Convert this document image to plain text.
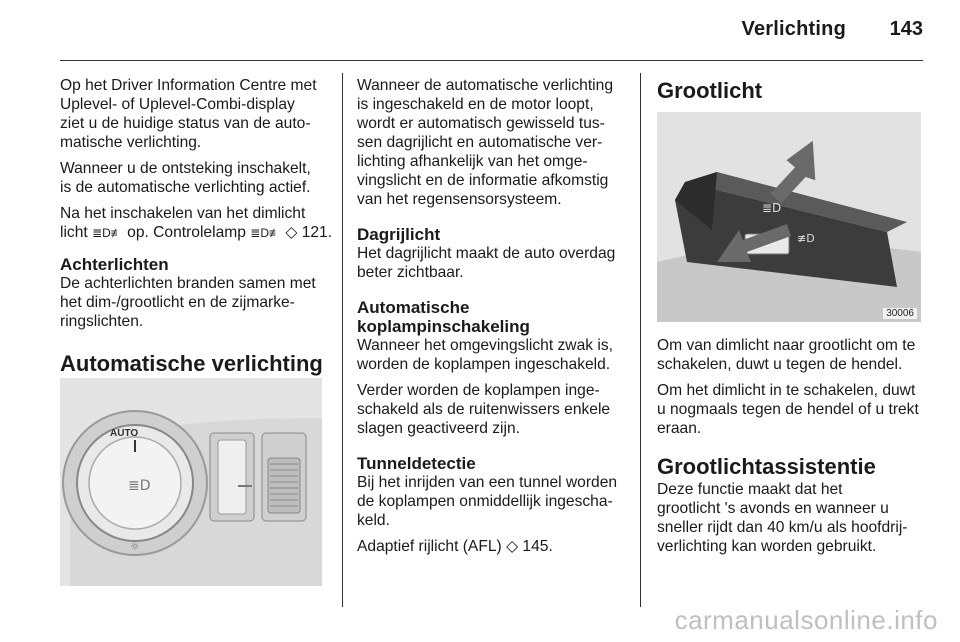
Verlichting	143

Op het Driver Information Centre met
Uplevel- of Uplevel-Combi-display
ziet u de huidige status van de auto-
matische verlichting.

Wanneer u de ontsteking inschakelt,
is de automatische verlichting actief.

Na het inschakelen van het dimlicht
licht ≣D≢ op. Controlelamp ≣D≢ ◇ 121.

Achterlichten

De achterlichten branden samen met
het dim-/grootlicht en de zijmarke-
ringslichten.

Automatische verlichting
AUTO
≣D
☼

Wanneer de automatische verlichting
is ingeschakeld en de motor loopt,
wordt er automatisch gewisseld tus-
sen dagrijlicht en automatische ver-
lichting afhankelijk van het omge-
vingslicht en de informatie afkomstig
van het regensensorsysteem.

Dagrijlicht

Het dagrijlicht maakt de auto overdag
beter zichtbaar.

Automatische
koplampinschakeling

Wanneer het omgevingslicht zwak is,
worden de koplampen ingeschakeld.

Verder worden de koplampen inge-
schakeld als de ruitenwissers enkele
slagen geactiveerd zijn.

Tunneldetectie

Bij het inrijden van een tunnel worden
de koplampen onmiddellijk ingescha-
keld.

Adaptief rijlicht (AFL) ◇ 145.

Grootlicht
≣D
≢D
30006

Om van dimlicht naar grootlicht om te
schakelen, duwt u tegen de hendel.

Om het dimlicht in te schakelen, duwt
u nogmaals tegen de hendel of u trekt
eraan.

Grootlichtassistentie

Deze functie maakt dat het
grootlicht 's avonds en wanneer u
sneller rijdt dan 40 km/u als hoofdrij-
verlichting kan worden gebruikt.

carmanualsonline.info
